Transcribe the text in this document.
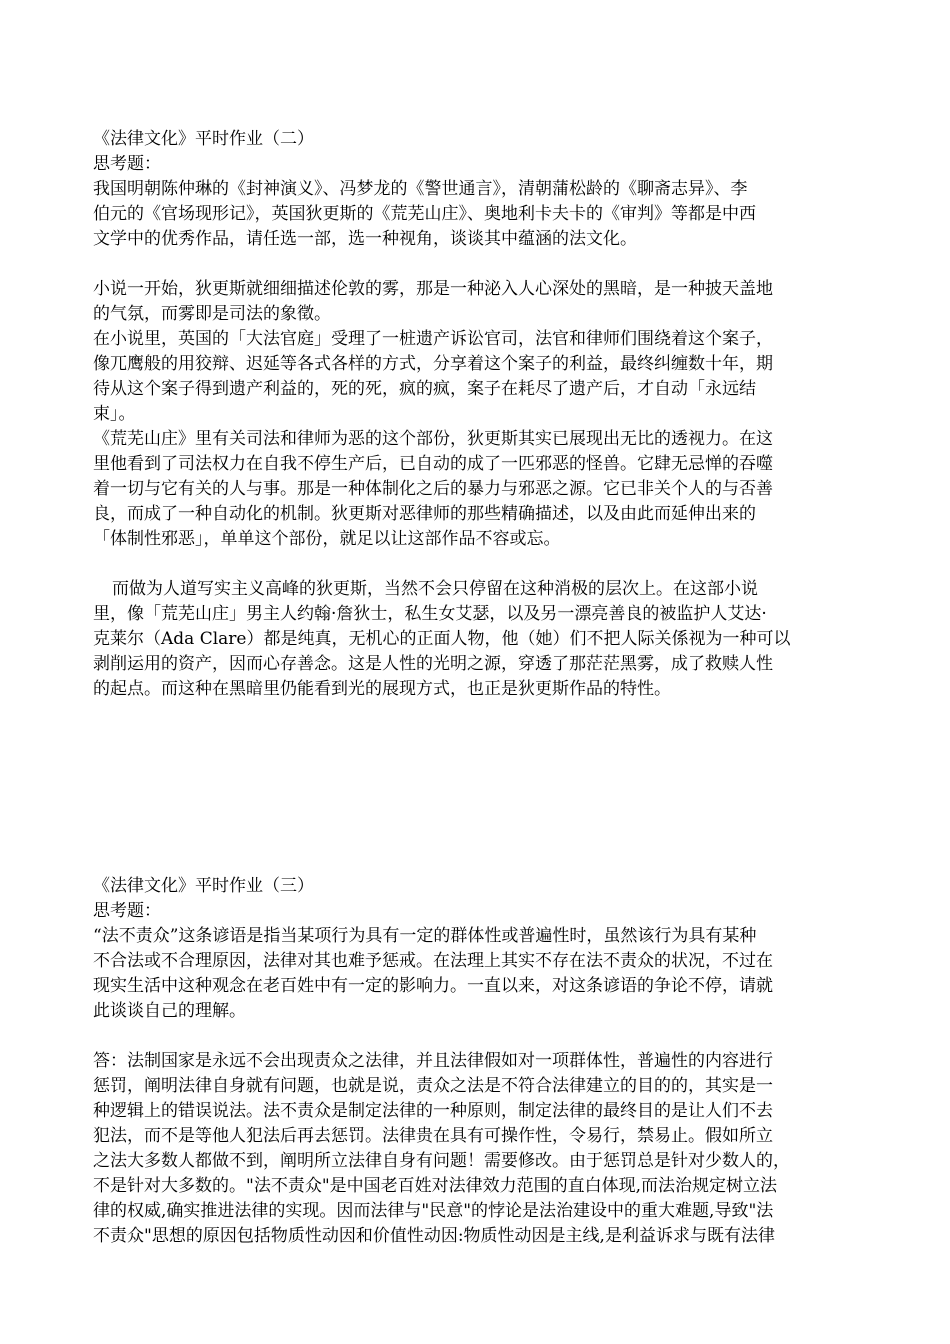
《法律文化》平时作业（二）
思考题：
我国明朝陈仲琳的《封神演义》、冯梦龙的《警世通言》，清朝蒲松龄的《聊斋志异》、李
伯元的《官场现形记》，英国狄更斯的《荒芜山庄》、奥地利卡夫卡的《审判》等都是中西
文学中的优秀作品，请任选一部，选一种视角，谈谈其中蕴涵的法文化。
小说一开始，狄更斯就细细描述伦敦的雾，那是一种泌入人心深处的黑暗，是一种披天盖地
的气氛，而雾即是司法的象徵。
在小说里，英国的「大法官庭」受理了一桩遗产诉讼官司，法官和律师们围绕着这个案子，
像兀鹰般的用狡辩、迟延等各式各样的方式，分享着这个案子的利益，最终纠缠数十年，期
待从这个案子得到遗产利益的，死的死，疯的疯，案子在耗尽了遗产后，才自动「永远结
束」。
《荒芜山庄》里有关司法和律师为恶的这个部份，狄更斯其实已展现出无比的透视力。在这
里他看到了司法权力在自我不停生产后，已自动的成了一匹邪恶的怪兽。它肆无忌惮的吞噬
着一切与它有关的人与事。那是一种体制化之后的暴力与邪恶之源。它已非关个人的与否善
良，而成了一种自动化的机制。狄更斯对恶律师的那些精确描述，以及由此而延伸出来的
「体制性邪恶」，单单这个部份，就足以让这部作品不容或忘。
而做为人道写实主义高峰的狄更斯，当然不会只停留在这种消极的层次上。在这部小说
里，像「荒芜山庄」男主人约翰·詹狄士，私生女艾瑟，以及另一漂亮善良的被监护人艾达·
克莱尔（Ada Clare）都是纯真，无机心的正面人物，他（她）们不把人际关係视为一种可以
剥削运用的资产，因而心存善念。这是人性的光明之源，穿透了那茫茫黑雾，成了救赎人性
的起点。而这种在黑暗里仍能看到光的展现方式，也正是狄更斯作品的特性。
《法律文化》平时作业（三）
思考题：
“法不责众”这条谚语是指当某项行为具有一定的群体性或普遍性时，虽然该行为具有某种
不合法或不合理原因，法律对其也难予惩戒。在法理上其实不存在法不责众的状况，不过在
现实生活中这种观念在老百姓中有一定的影响力。一直以来，对这条谚语的争论不停，请就
此谈谈自己的理解。
答：法制国家是永远不会出现责众之法律，并且法律假如对一项群体性，普遍性的内容进行
惩罚，阐明法律自身就有问题，也就是说，责众之法是不符合法律建立的目的的，其实是一
种逻辑上的错误说法。法不责众是制定法律的一种原则，制定法律的最终目的是让人们不去
犯法，而不是等他人犯法后再去惩罚。法律贵在具有可操作性，令易行，禁易止。假如所立
之法大多数人都做不到，阐明所立法律自身有问题！需要修改。由于惩罚总是针对少数人的，
不是针对大多数的。"法不责众"是中国老百姓对法律效力范围的直白体现,而法治规定树立法
律的权威,确实推进法律的实现。因而法律与"民意"的悖论是法治建设中的重大难题,导致"法
不责众"思想的原因包括物质性动因和价值性动因:物质性动因是主线,是利益诉求与既有法律
